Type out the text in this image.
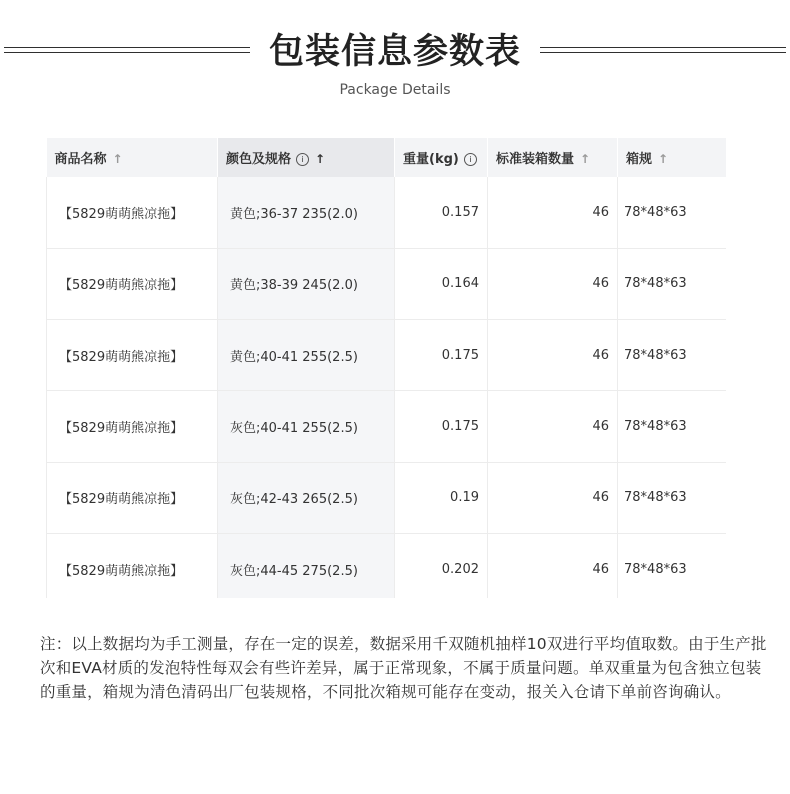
包装信息参数表
Package Details
商品名称 ↑	颜色及规格 i ↑	重量(kg) i	标准装箱数量 ↑	箱规 ↑
【5829萌萌熊凉拖】	黄色;36-37 235(2.0)	0.157	46	78*48*63
【5829萌萌熊凉拖】	黄色;38-39 245(2.0)	0.164	46	78*48*63
【5829萌萌熊凉拖】	黄色;40-41 255(2.5)	0.175	46	78*48*63
【5829萌萌熊凉拖】	灰色;40-41 255(2.5)	0.175	46	78*48*63
【5829萌萌熊凉拖】	灰色;42-43 265(2.5)	0.19	46	78*48*63
【5829萌萌熊凉拖】	灰色;44-45 275(2.5)	0.202	46	78*48*63
注：以上数据均为手工测量，存在一定的误差，数据采用千双随机抽样10双进行平均值取数。由于生产批次和EVA材质的发泡特性每双会有些许差异，属于正常现象，不属于质量问题。单双重量为包含独立包装的重量，箱规为清色清码出厂包装规格，不同批次箱规可能存在变动，报关入仓请下单前咨询确认。
